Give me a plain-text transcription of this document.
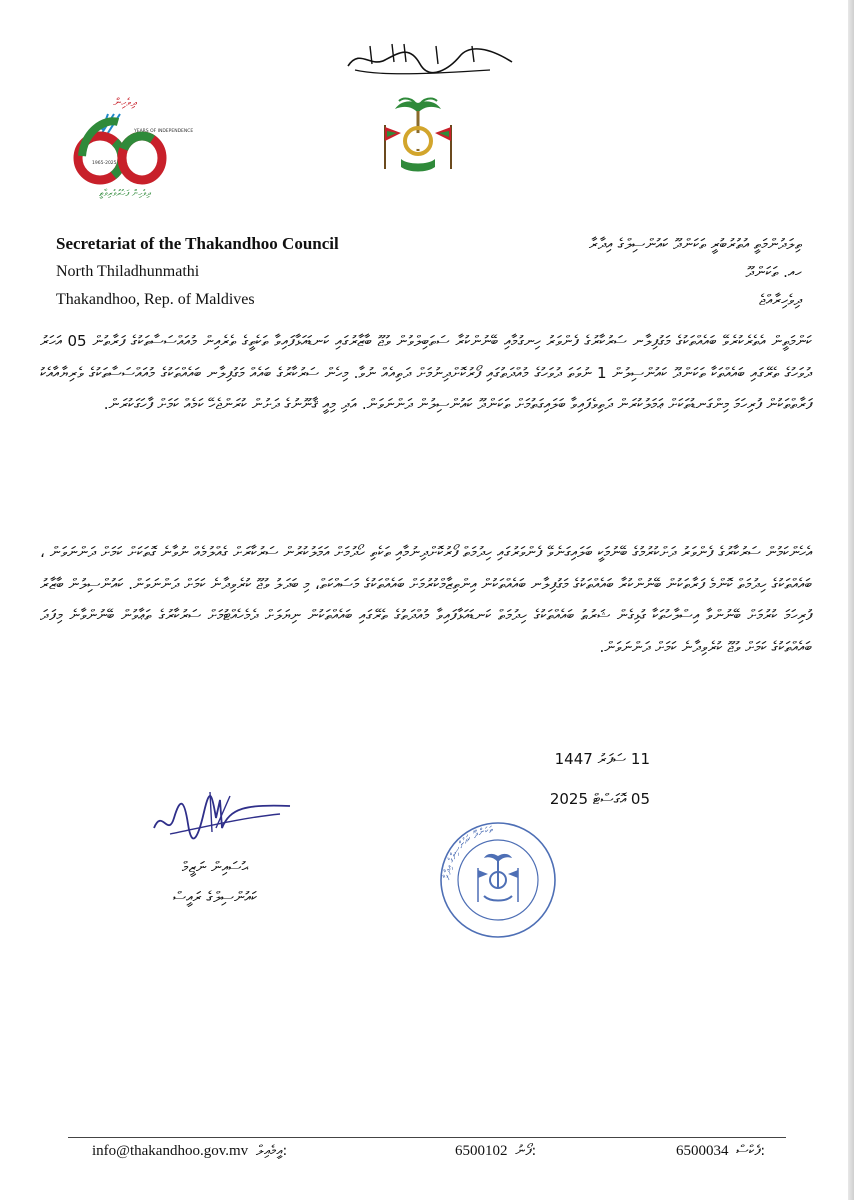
ދިވެހިން
YEARS OF INDEPENDENCE
1965-2025
ދިވެހިން ފަޚުރުވެރިވާތީ
Secretariat of the Thakandhoo Council
North Thiladhunmathi
Thakandhoo, Rep. of Maldives
ތިލަދުންމަތީ އުތުރުބުރީ ތަކަންދޫ ކައުންސިލްގެ އިދާރާ
ހއ. ތަކަންދޫ
ދިވެހިރާއްޖެ
ކަންމަތީން އެތެރެކުރެވޭ ބައެއްތަކުގެ މަގުފިލާނ ސަރުކާރުގެ ފެންވަރު ހިނގުމާއި ބޭނުންކުރާ ސަތަބިލްވުން ވުޖޫ ބާޒާރުގައި ކަނޑައަޅާފައިވާ ތަކެތީގެ ތެރެއިން މުއައްސަސާތަކުގެ ފަރާތުން 05 އަހަރު ދުވަހުގެ ތެރޭގައި ބައެއްތަކާ ތަކަންދޫ ކައުންސިލުން 1 ނުވަތަ ދުވަހުގެ މުއްދަތުގައި ފޯރުކޮށްދިނުމަށް ދަތިއެއް ނުވާ. މިހެން ސަރުކާރުގެ ބައެއް މަގުފިލާނ ބައެއްތަކުގެ މުއައްސަސާތަކުގެ ވެރިޔާއާއެކު ފަރާތްތަކުން ފުރިހަމަ މިންގަނޑުތަކަށް ޢަމަލުކުރަން ދަތިވެފައިވާ ބަލައިގަތުމަށް ތަކަންދޫ ކައުންސިލުން ދަންނަވަން. އަދި މިއީ ޤާނޫނުގެ ދަށުން ކުރަންޖެހޭ ކަމެއް ކަމަށް ފާހަގަކުރަން.
އެހެންކަމުން ސަރުކާރުގެ ފެންވަރު ދަށްކުރުމުގެ ބޭނުމަކީ ބަލައިގަނެވޭ ފެންވަރުގައި ހިދުމަތް ފޯރުކޮށްދިނުމާއި ތަކެތި ހޯދުމަށް އަމަލުކުރުން ސަރުކާރަށް ގެއްލުމެއް ނުވާނެ ގޮތަކަށް ކަމަށް ދަންނަވަން ، ބައެއްތަކުގެ ހިދުމަތް ކޮންމެ ފަރާތަކުން ބޭނުންކުރާ ބައެއްތަކުގެ މަގުފިލާނ ބައެއްތަކުން އިންތިޒާމްކުރުމަށް ބައެއްތަކުގެ މަސައްކަތް، މި ބަދަލު ވުޖޫ ކުރެވިދާނެ ކަމަށް ދަންނަވަން. ކައުންސިލުން ބާޒާރު ފުރިހަމަ ކުރުމަށް ބޭނުންވާ އިސްލާހުތަކާ ގުޅިގެން ޝަރުޠު ބައެއްތަކުގެ ހިދުމަތް ކަނޑައަޅާފައިވާ މުއްދަތުގެ ތެރޭގައި ބައެއްތަކުން ނިޔަލަށް ދެމެހެއްޓުމަށް ސަރުކާރުގެ ތަޢާވުން ބޭނުންވާނެ މިފަދަ ބައެއްތަކުގެ ކަމަށް ވުޖޫ ކުރެވިދާނެ ކަމަށް ދަންނަވަން.
11 ސަފަރު 1447
05 އޮގަސްޓް 2025
ޙުސައިން ނަޒީމް
ކައުންސިލްގެ ރައީސް
ތަކަންދޫ ކައުންސިލްގެ އިދާރާ
info@thakandhoo.gov.mv އީމެއިލް:	6500102 ފޯނު:	6500034 ފެކްސް:
